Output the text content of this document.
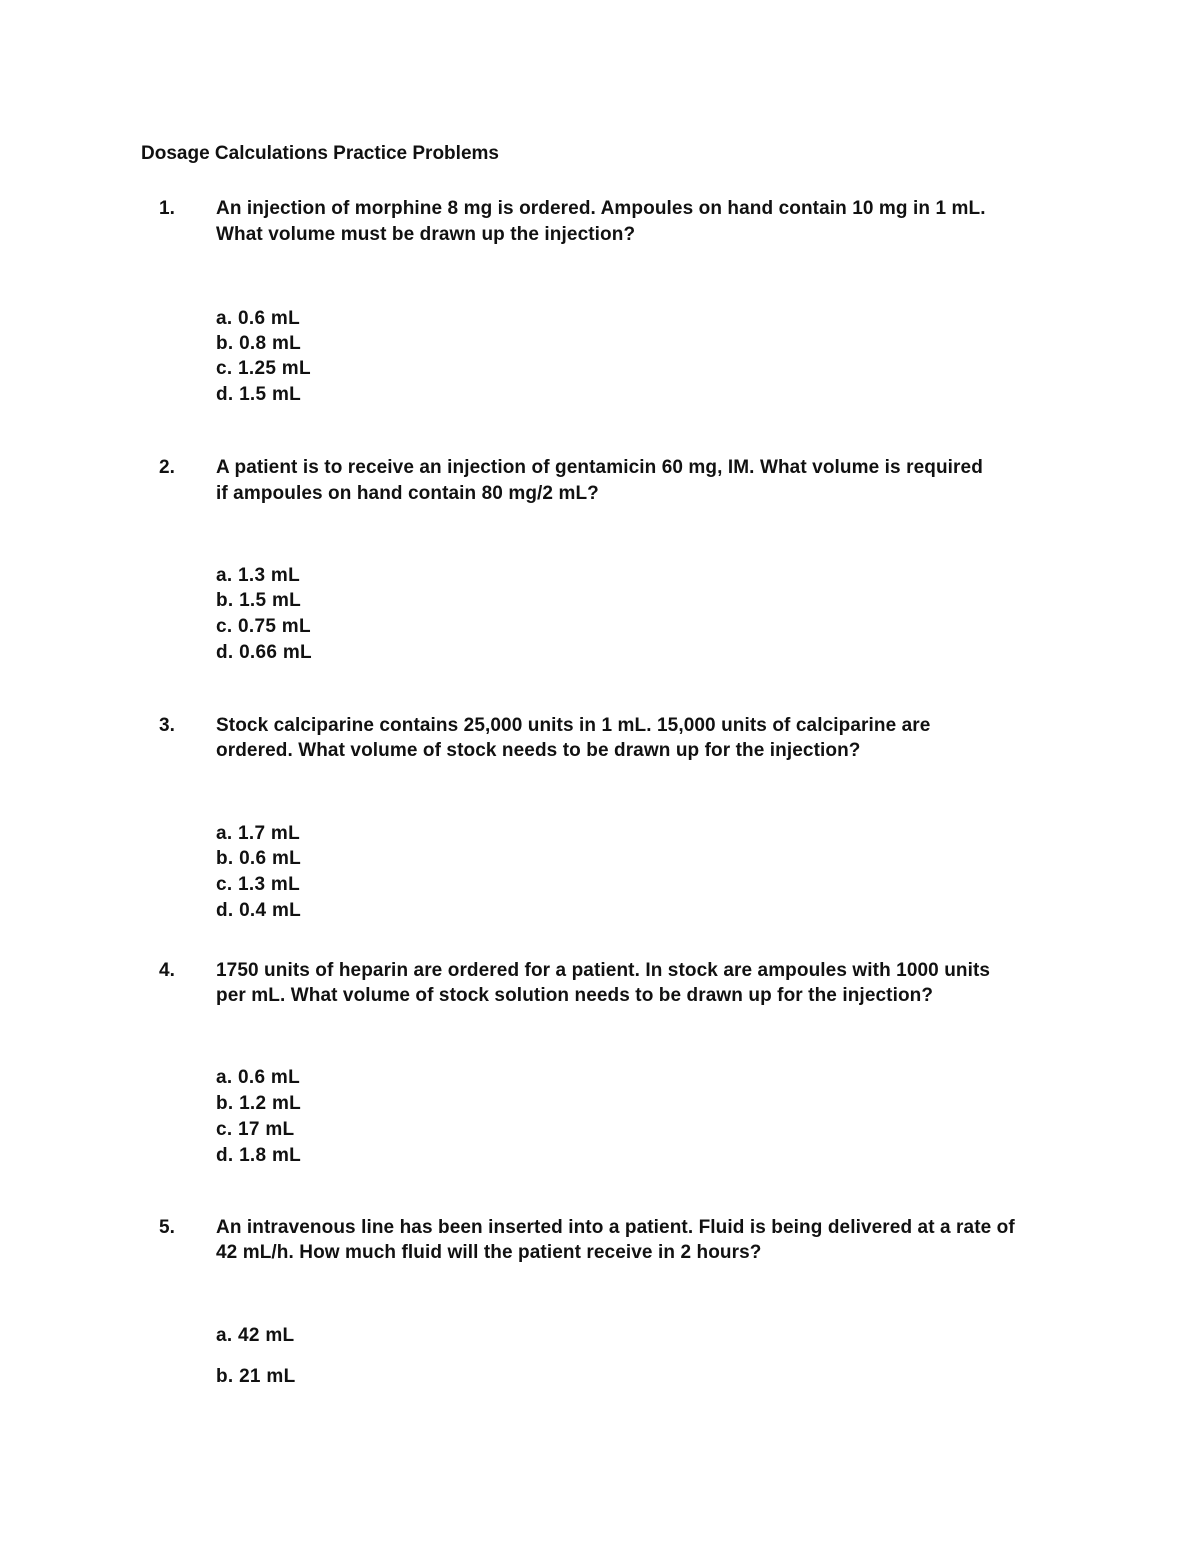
Dosage Calculations Practice Problems
1. An injection of morphine 8 mg is ordered. Ampoules on hand contain 10 mg in 1 mL.
What volume must be drawn up the injection?
a. 0.6 mL
b. 0.8 mL
c. 1.25 mL
d. 1.5 mL
2. A patient is to receive an injection of gentamicin 60 mg, IM. What volume is required
if ampoules on hand contain 80 mg/2 mL?
a. 1.3 mL
b. 1.5 mL
c. 0.75 mL
d. 0.66 mL
3. Stock calciparine contains 25,000 units in 1 mL. 15,000 units of calciparine are
ordered. What volume of stock needs to be drawn up for the injection?
a. 1.7 mL
b. 0.6 mL
c. 1.3 mL
d. 0.4 mL
4. 1750 units of heparin are ordered for a patient. In stock are ampoules with 1000 units
per mL. What volume of stock solution needs to be drawn up for the injection?
a. 0.6 mL
b. 1.2 mL
c. 17 mL
d. 1.8 mL
5. An intravenous line has been inserted into a patient. Fluid is being delivered at a rate of
42 mL/h. How much fluid will the patient receive in 2 hours?
a. 42 mL
b. 21 mL
